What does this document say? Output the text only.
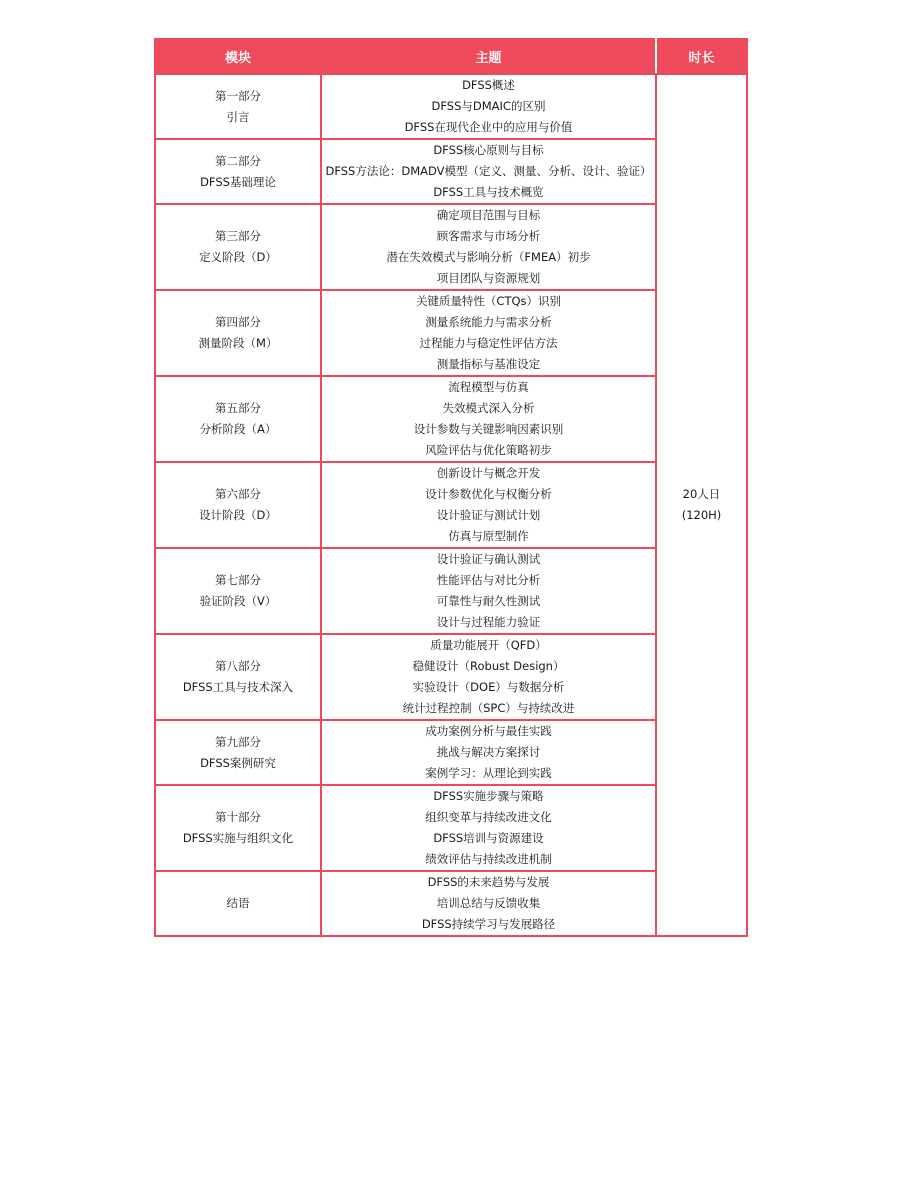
模块	主题	时长

第一部分
引言	DFSS概述
DFSS与DMAIC的区别
DFSS在现代企业中的应用与价值	20人日
(120H)

第二部分
DFSS基础理论	DFSS核心原则与目标
DFSS方法论：DMADV模型（定义、测量、分析、设计、验证）
DFSS工具与技术概览	

第三部分
定义阶段（D）	确定项目范围与目标
顾客需求与市场分析
潜在失效模式与影响分析（FMEA）初步
项目团队与资源规划	

第四部分
测量阶段（M）	关键质量特性（CTQs）识别
测量系统能力与需求分析
过程能力与稳定性评估方法
测量指标与基准设定	

第五部分
分析阶段（A）	流程模型与仿真
失效模式深入分析
设计参数与关键影响因素识别
风险评估与优化策略初步	

第六部分
设计阶段（D）	创新设计与概念开发
设计参数优化与权衡分析
设计验证与测试计划
仿真与原型制作	

第七部分
验证阶段（V）	设计验证与确认测试
性能评估与对比分析
可靠性与耐久性测试
设计与过程能力验证	

第八部分
DFSS工具与技术深入	质量功能展开（QFD）
稳健设计（Robust Design）
实验设计（DOE）与数据分析
统计过程控制（SPC）与持续改进	

第九部分
DFSS案例研究	成功案例分析与最佳实践
挑战与解决方案探讨
案例学习：从理论到实践	

第十部分
DFSS实施与组织文化	DFSS实施步骤与策略
组织变革与持续改进文化
DFSS培训与资源建设
绩效评估与持续改进机制	

结语	DFSS的未来趋势与发展
培训总结与反馈收集
DFSS持续学习与发展路径	
